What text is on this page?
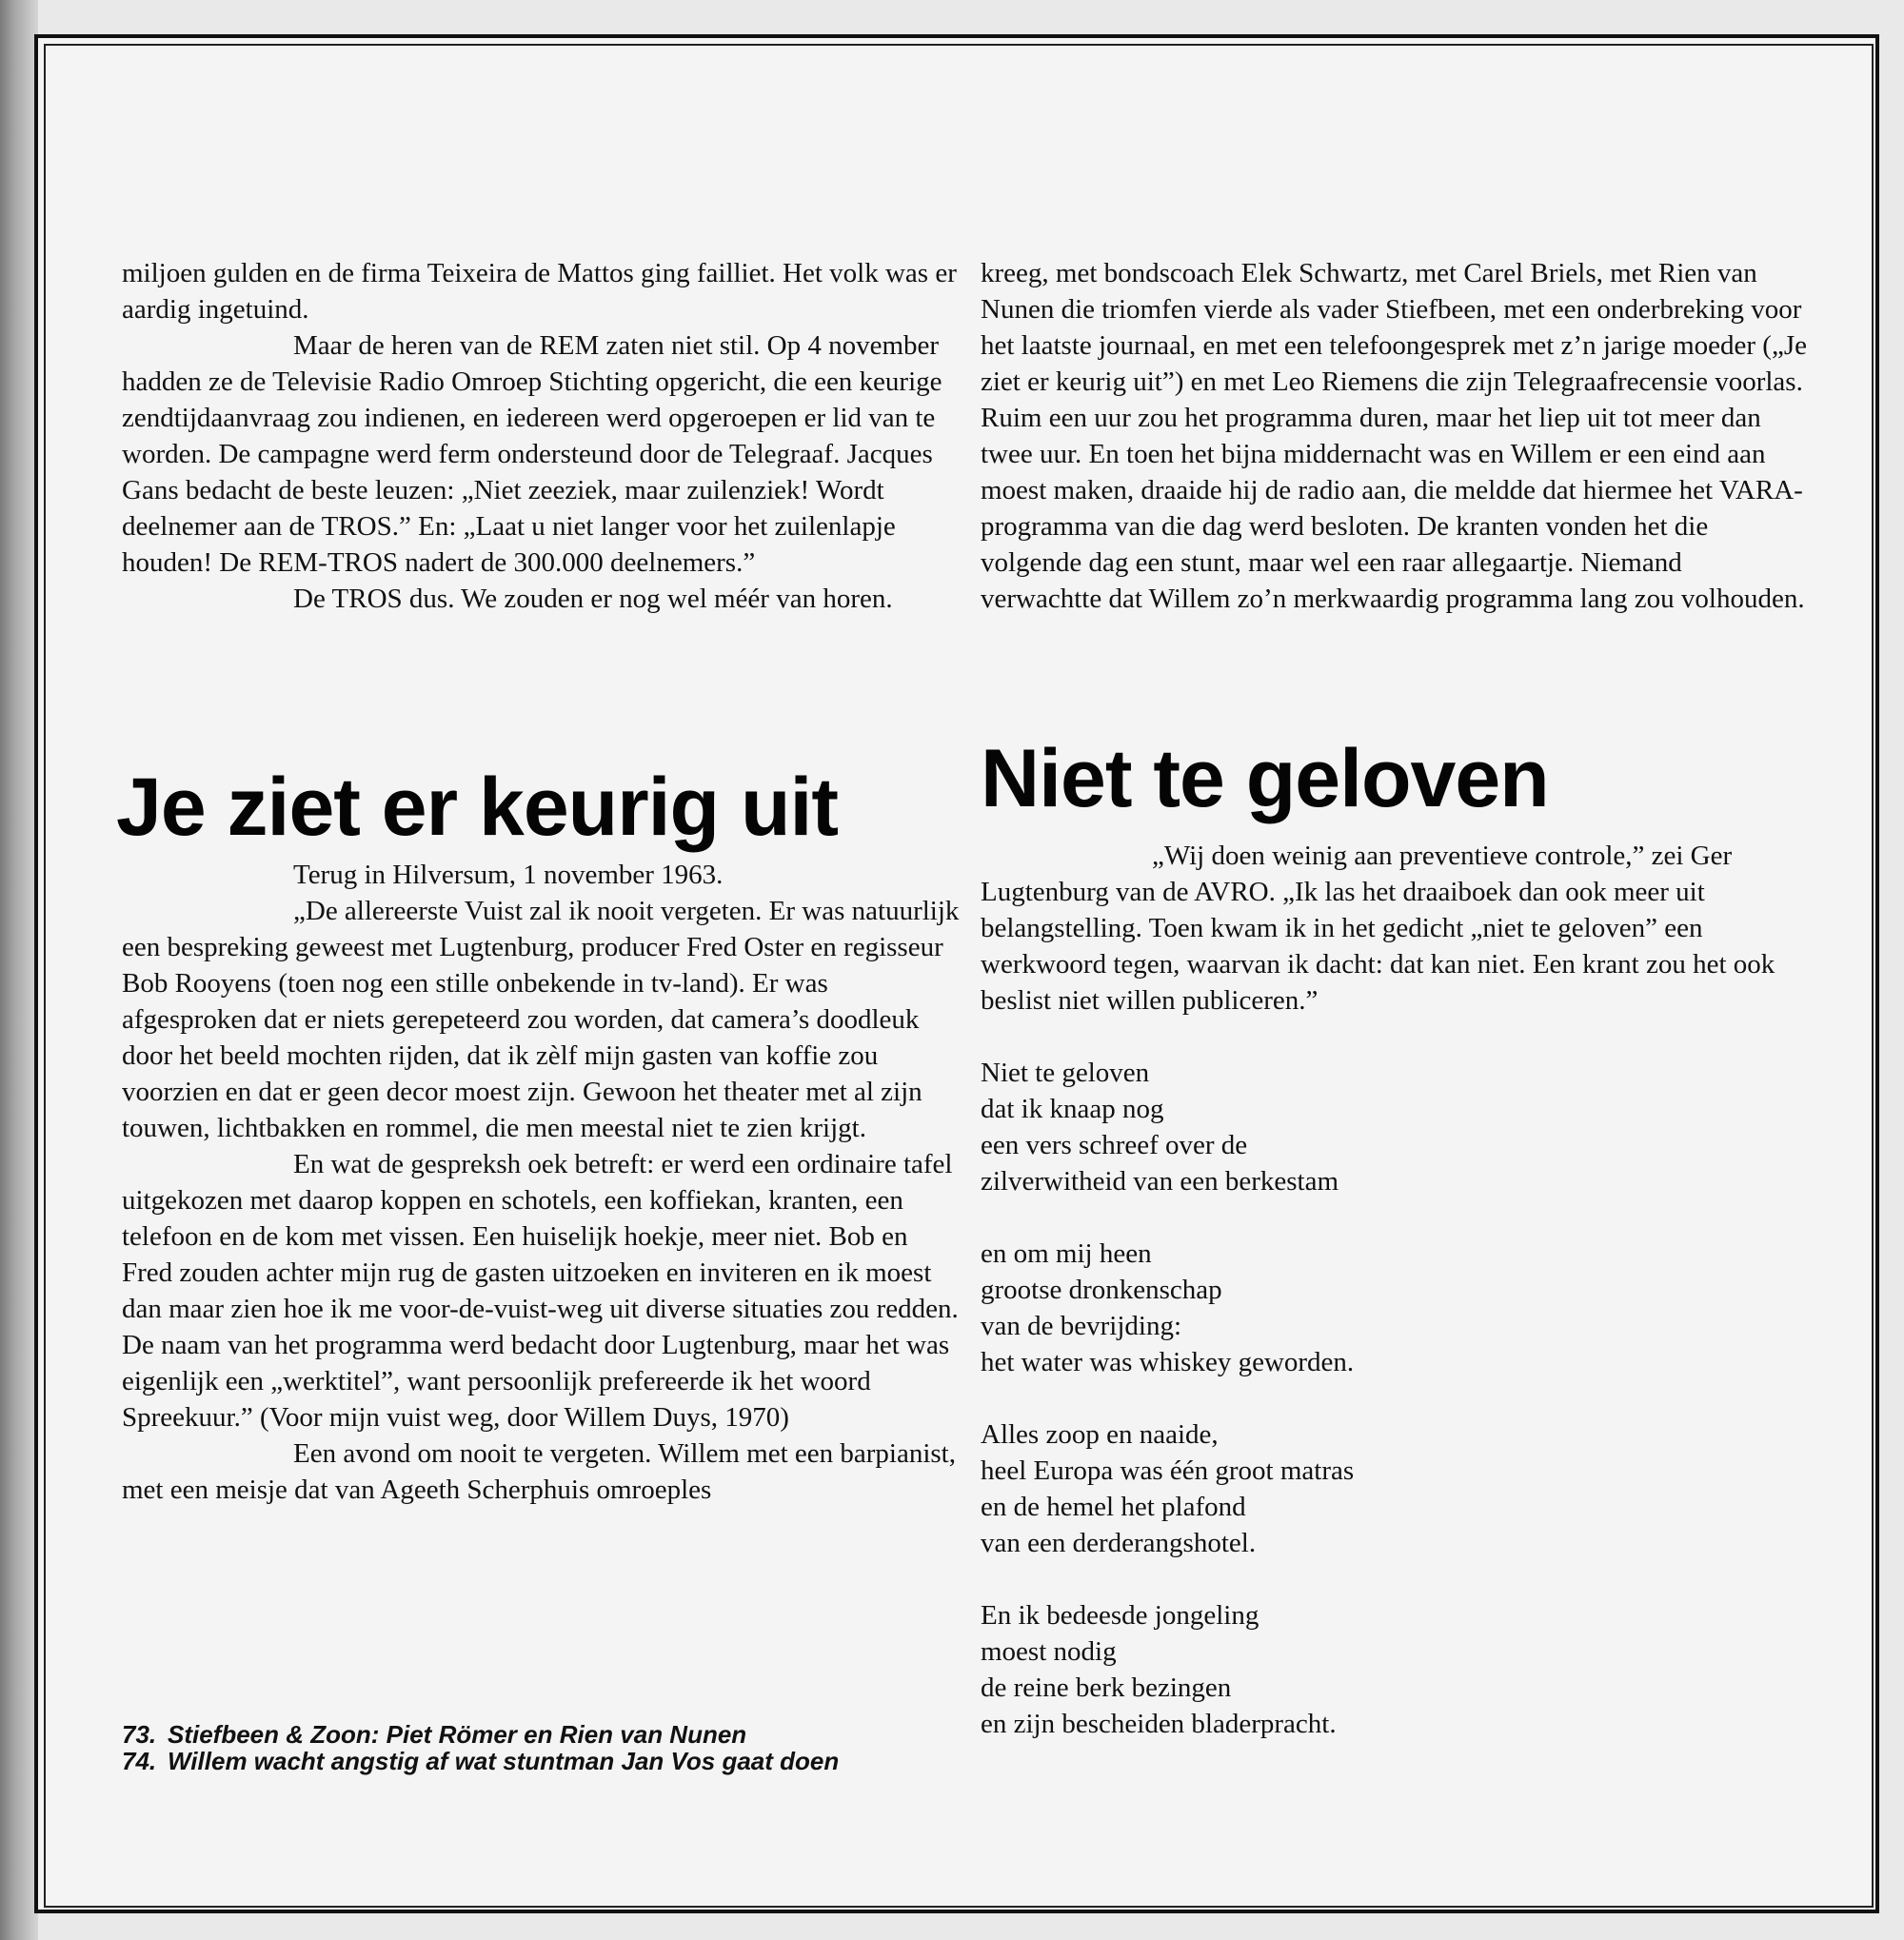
miljoen gulden en de firma Teixeira de Mattos ging failliet. Het volk was er aardig ingetuind.

Maar de heren van de REM zaten niet stil. Op 4 november hadden ze de Televisie Radio Omroep Stichting opgericht, die een keurige zendtijdaanvraag zou indienen, en iedereen werd opgeroepen er lid van te worden. De campagne werd ferm ondersteund door de Telegraaf. Jacques Gans bedacht de beste leuzen: „Niet zeeziek, maar zuilenziek! Wordt deelnemer aan de TROS.” En: „Laat u niet langer voor het zuilenlapje houden! De REM-TROS nadert de 300.000 deelnemers.”

De TROS dus. We zouden er nog wel méér van horen.

kreeg, met bondscoach Elek Schwartz, met Carel Briels, met Rien van Nunen die triomfen vierde als vader Stiefbeen, met een onderbreking voor het laatste journaal, en met een telefoongesprek met z’n jarige moeder („Je ziet er keurig uit”) en met Leo Riemens die zijn Telegraafrecensie voorlas. Ruim een uur zou het programma duren, maar het liep uit tot meer dan twee uur. En toen het bijna middernacht was en Willem er een eind aan moest maken, draaide hij de radio aan, die meldde dat hiermee het VARA-programma van die dag werd besloten. De kranten vonden het die volgende dag een stunt, maar wel een raar allegaartje. Niemand verwachtte dat Willem zo’n merkwaardig programma lang zou volhouden.

Je ziet er keurig uit	Niet te geloven

Terug in Hilversum, 1 november 1963.

„De allereerste Vuist zal ik nooit vergeten. Er was natuurlijk een bespreking geweest met Lugtenburg, producer Fred Oster en regisseur Bob Rooyens (toen nog een stille onbekende in tv-land). Er was afgesproken dat er niets gerepeteerd zou worden, dat camera’s doodleuk door het beeld mochten rijden, dat ik zèlf mijn gasten van koffie zou voorzien en dat er geen decor moest zijn. Gewoon het theater met al zijn touwen, lichtbakken en rommel, die men meestal niet te zien krijgt.

En wat de gespreksh oek betreft: er werd een ordinaire tafel uitgekozen met daarop koppen en schotels, een koffiekan, kranten, een telefoon en de kom met vissen. Een huiselijk hoekje, meer niet. Bob en Fred zouden achter mijn rug de gasten uitzoeken en inviteren en ik moest dan maar zien hoe ik me voor-de-vuist-weg uit diverse situaties zou redden. De naam van het programma werd bedacht door Lugtenburg, maar het was eigenlijk een „werktitel”, want persoonlijk prefereerde ik het woord Spreekuur.” (Voor mijn vuist weg, door Willem Duys, 1970)

Een avond om nooit te vergeten. Willem met een barpianist, met een meisje dat van Ageeth Scherphuis omroeples

„Wij doen weinig aan preventieve controle,” zei Ger Lugtenburg van de AVRO. „Ik las het draaiboek dan ook meer uit belangstelling. Toen kwam ik in het gedicht „niet te geloven” een werkwoord tegen, waarvan ik dacht: dat kan niet. Een krant zou het ook beslist niet willen publiceren.”

Niet te geloven

dat ik knaap nog

een vers schreef over de

zilverwitheid van een berkestam

en om mij heen

grootse dronkenschap

van de bevrijding:

het water was whiskey geworden.

Alles zoop en naaide,

heel Europa was één groot matras

en de hemel het plafond

van een derderangshotel.

En ik bedeesde jongeling

moest nodig

de reine berk bezingen

en zijn bescheiden bladerpracht.

73. Stiefbeen & Zoon: Piet Römer en Rien van Nunen
74. Willem wacht angstig af wat stuntman Jan Vos gaat doen
